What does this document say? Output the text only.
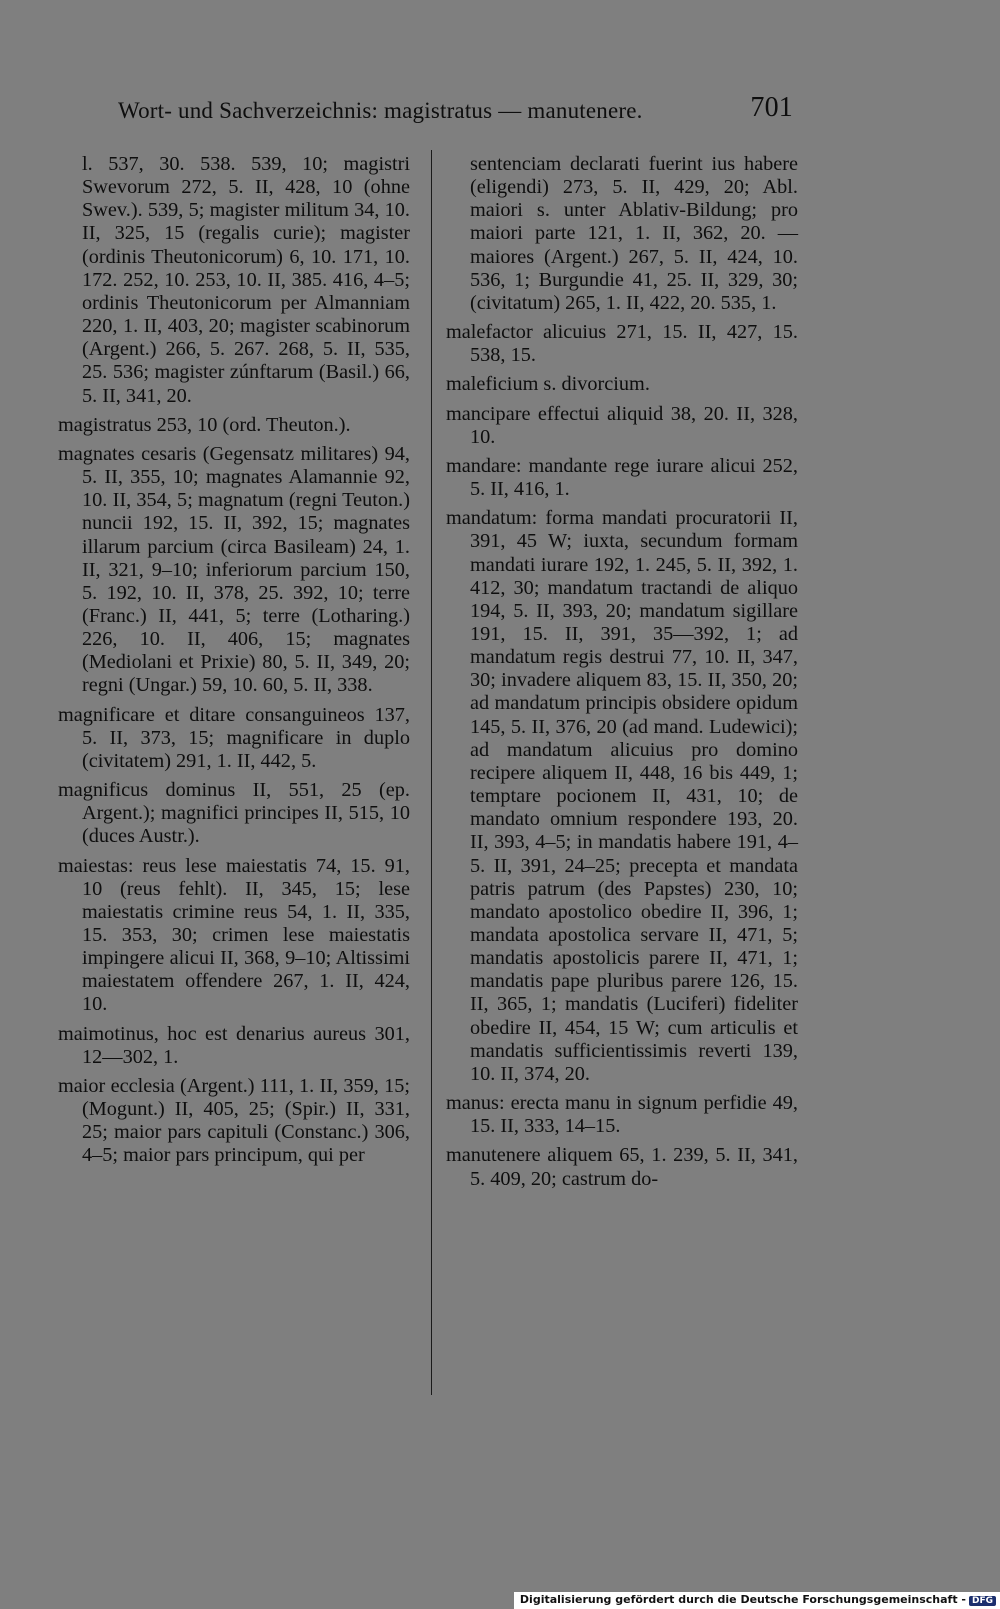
Wort- und Sachverzeichnis: magistratus — manutenere.	701

l. 537, 30. 538. 539, 10; magistri Swevorum 272, 5. II, 428, 10 (ohne Swev.). 539, 5; magister militum 34, 10. II, 325, 15 (regalis curie); magister (ordinis Theutonicorum) 6, 10. 171, 10. 172. 252, 10. 253, 10. II, 385. 416, 4–5; ordinis Theutonicorum per Almanniam 220, 1. II, 403, 20; magister scabinorum (Argent.) 266, 5. 267. 268, 5. II, 535, 25. 536; magister zúnftarum (Basil.) 66, 5. II, 341, 20.

magistratus 253, 10 (ord. Theuton.).

magnates cesaris (Gegensatz militares) 94, 5. II, 355, 10; magnates Alamannie 92, 10. II, 354, 5; magnatum (regni Teuton.) nuncii 192, 15. II, 392, 15; magnates illarum parcium (circa Basileam) 24, 1. II, 321, 9–10; inferiorum parcium 150, 5. 192, 10. II, 378, 25. 392, 10; terre (Franc.) II, 441, 5; terre (Lotharing.) 226, 10. II, 406, 15; magnates (Mediolani et Prixie) 80, 5. II, 349, 20; regni (Ungar.) 59, 10. 60, 5. II, 338.

magnificare et ditare consanguineos 137, 5. II, 373, 15; magnificare in duplo (civitatem) 291, 1. II, 442, 5.

magnificus dominus II, 551, 25 (ep. Argent.); magnifici principes II, 515, 10 (duces Austr.).

maiestas: reus lese maiestatis 74, 15. 91, 10 (reus fehlt). II, 345, 15; lese maiestatis crimine reus 54, 1. II, 335, 15. 353, 30; crimen lese maiestatis impingere alicui II, 368, 9–10; Altissimi maiestatem offendere 267, 1. II, 424, 10.

maimotinus, hoc est denarius aureus 301, 12—302, 1.

maior ecclesia (Argent.) 111, 1. II, 359, 15; (Mogunt.) II, 405, 25; (Spir.) II, 331, 25; maior pars capituli (Constanc.) 306, 4–5; maior pars principum, qui per

sentenciam declarati fuerint ius habere (eligendi) 273, 5. II, 429, 20; Abl. maiori s. unter Ablativ-Bildung; pro maiori parte 121, 1. II, 362, 20. — maiores (Argent.) 267, 5. II, 424, 10. 536, 1; Burgundie 41, 25. II, 329, 30; (civitatum) 265, 1. II, 422, 20. 535, 1.

malefactor alicuius 271, 15. II, 427, 15. 538, 15.

maleficium s. divorcium.

mancipare effectui aliquid 38, 20. II, 328, 10.

mandare: mandante rege iurare alicui 252, 5. II, 416, 1.

mandatum: forma mandati procuratorii II, 391, 45 W; iuxta, secundum formam mandati iurare 192, 1. 245, 5. II, 392, 1. 412, 30; mandatum tractandi de aliquo 194, 5. II, 393, 20; mandatum sigillare 191, 15. II, 391, 35—392, 1; ad mandatum regis destrui 77, 10. II, 347, 30; invadere aliquem 83, 15. II, 350, 20; ad mandatum principis obsidere opidum 145, 5. II, 376, 20 (ad mand. Ludewici); ad mandatum alicuius pro domino recipere aliquem II, 448, 16 bis 449, 1; temptare pocionem II, 431, 10; de mandato omnium respondere 193, 20. II, 393, 4–5; in mandatis habere 191, 4–5. II, 391, 24–25; precepta et mandata patris patrum (des Papstes) 230, 10; mandato apostolico obedire II, 396, 1; mandata apostolica servare II, 471, 5; mandatis apostolicis parere II, 471, 1; mandatis pape pluribus parere 126, 15. II, 365, 1; mandatis (Luciferi) fideliter obedire II, 454, 15 W; cum articulis et mandatis sufficientissimis reverti 139, 10. II, 374, 20.

manus: erecta manu in signum perfidie 49, 15. II, 333, 14–15.

manutenere aliquem 65, 1. 239, 5. II, 341, 5. 409, 20; castrum do-

Digitalisierung gefördert durch die Deutsche Forschungsgemeinschaft - DFG
